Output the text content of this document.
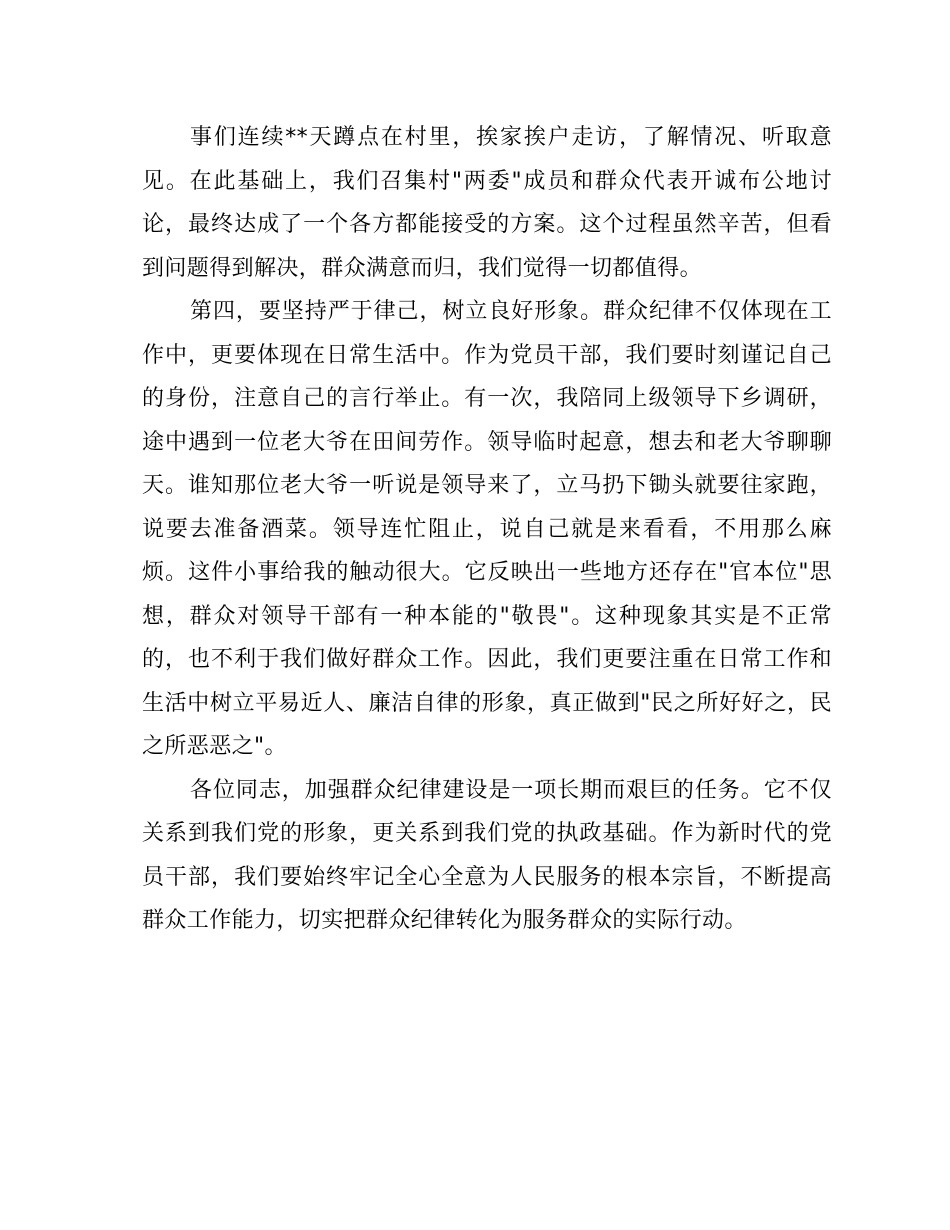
事们连续**天蹲点在村里，挨家挨户走访，了解情况、听取意见。在此基础上，我们召集村"两委"成员和群众代表开诚布公地讨论，最终达成了一个各方都能接受的方案。这个过程虽然辛苦，但看到问题得到解决，群众满意而归，我们觉得一切都值得。

第四，要坚持严于律己，树立良好形象。群众纪律不仅体现在工作中，更要体现在日常生活中。作为党员干部，我们要时刻谨记自己的身份，注意自己的言行举止。有一次，我陪同上级领导下乡调研，途中遇到一位老大爷在田间劳作。领导临时起意，想去和老大爷聊聊天。谁知那位老大爷一听说是领导来了，立马扔下锄头就要往家跑，说要去准备酒菜。领导连忙阻止，说自己就是来看看，不用那么麻烦。这件小事给我的触动很大。它反映出一些地方还存在"官本位"思想，群众对领导干部有一种本能的"敬畏"。这种现象其实是不正常的，也不利于我们做好群众工作。因此，我们更要注重在日常工作和生活中树立平易近人、廉洁自律的形象，真正做到"民之所好好之，民之所恶恶之"。

各位同志，加强群众纪律建设是一项长期而艰巨的任务。它不仅关系到我们党的形象，更关系到我们党的执政基础。作为新时代的党员干部，我们要始终牢记全心全意为人民服务的根本宗旨，不断提高群众工作能力，切实把群众纪律转化为服务群众的实际行动。
